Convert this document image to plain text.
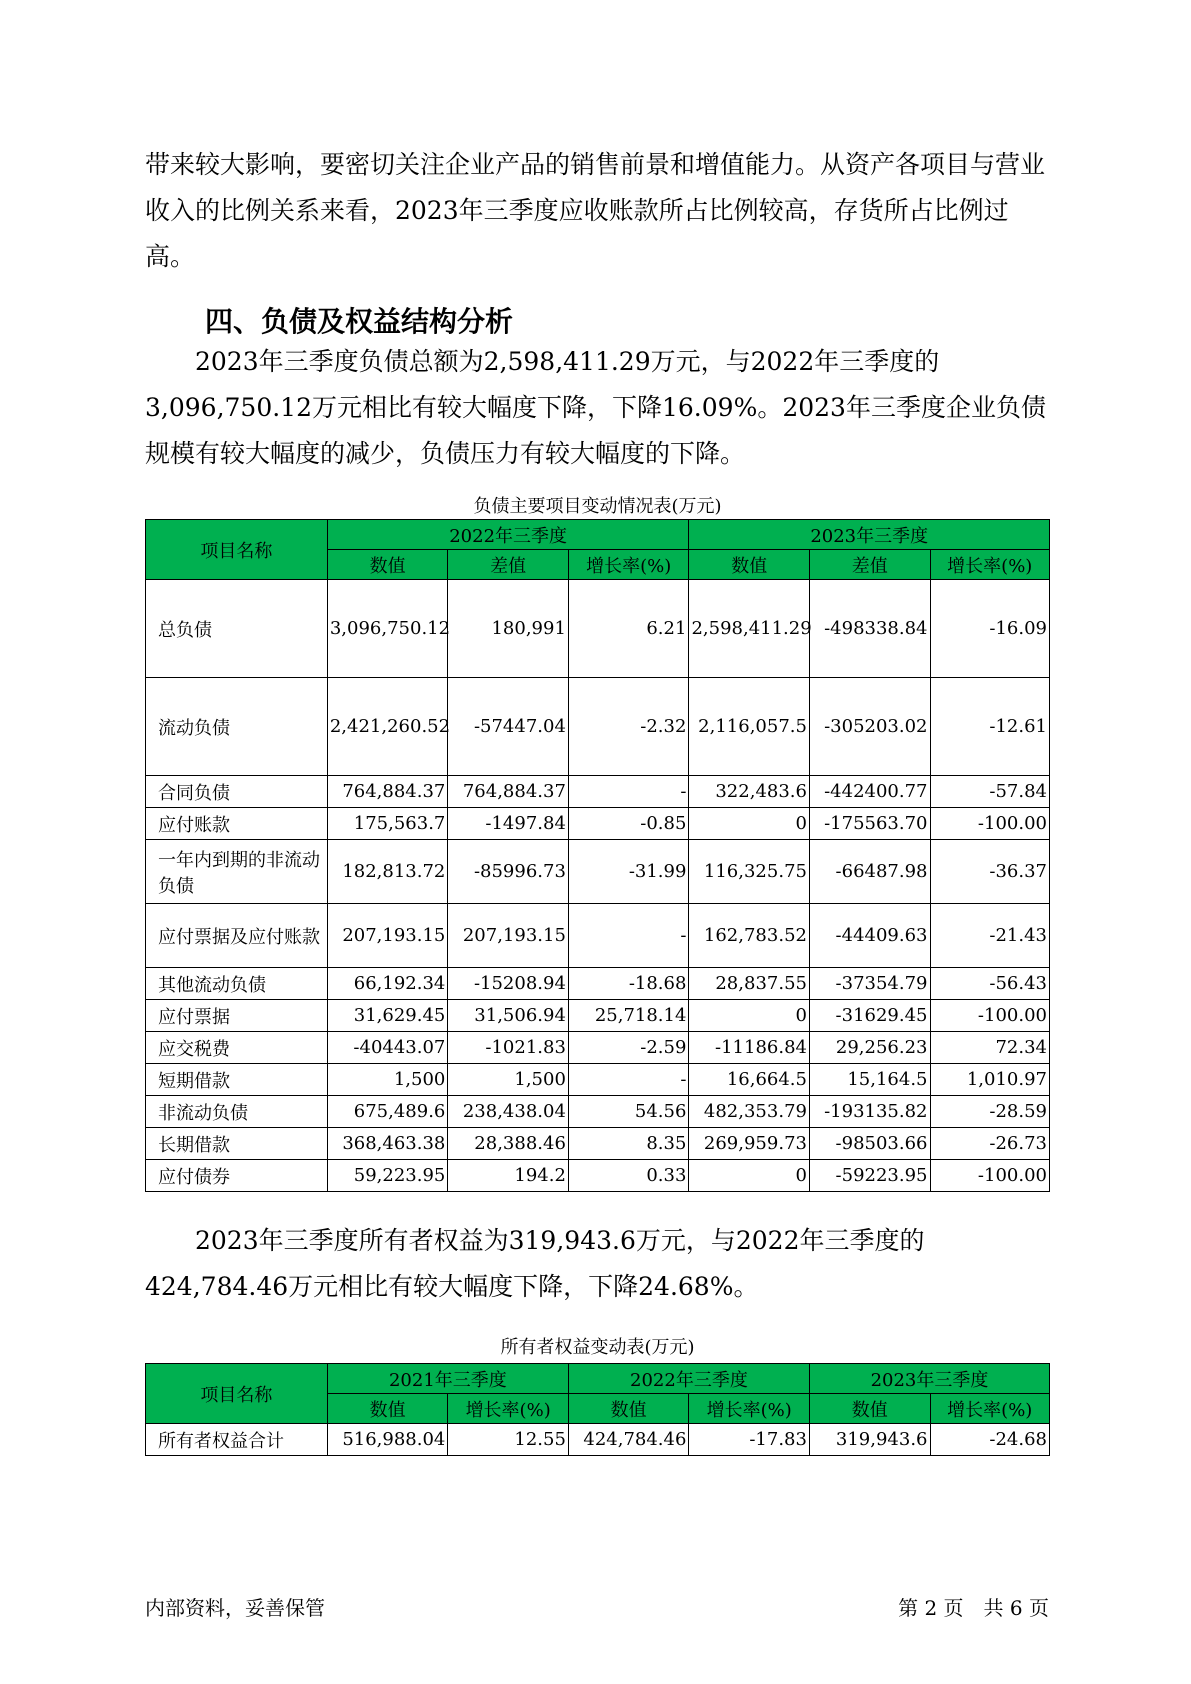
带来较大影响，要密切关注企业产品的销售前景和增值能力。从资产各项目与营业收入的比例关系来看，2023年三季度应收账款所占比例较高，存货所占比例过高。

四、负债及权益结构分析

　　2023年三季度负债总额为2,598,411.29万元，与2022年三季度的3,096,750.12万元相比有较大幅度下降，下降16.09%。2023年三季度企业负债规模有较大幅度的减少，负债压力有较大幅度的下降。

负债主要项目变动情况表(万元)

项目名称	2022年三季度			2023年三季度		
	数值	差值	增长率(%)	数值	差值	增长率(%)
总负债	3,096,750.12	180,991	6.21	2,598,411.29	-498338.84	-16.09
流动负债	2,421,260.52	-57447.04	-2.32	2,116,057.5	-305203.02	-12.61
合同负债	764,884.37	764,884.37	-	322,483.6	-442400.77	-57.84
应付账款	175,563.7	-1497.84	-0.85	0	-175563.70	-100.00
一年内到期的非流动负债	182,813.72	-85996.73	-31.99	116,325.75	-66487.98	-36.37
应付票据及应付账款	207,193.15	207,193.15	-	162,783.52	-44409.63	-21.43
其他流动负债	66,192.34	-15208.94	-18.68	28,837.55	-37354.79	-56.43
应付票据	31,629.45	31,506.94	25,718.14	0	-31629.45	-100.00
应交税费	-40443.07	-1021.83	-2.59	-11186.84	29,256.23	72.34
短期借款	1,500	1,500	-	16,664.5	15,164.5	1,010.97
非流动负债	675,489.6	238,438.04	54.56	482,353.79	-193135.82	-28.59
长期借款	368,463.38	28,388.46	8.35	269,959.73	-98503.66	-26.73
应付债券	59,223.95	194.2	0.33	0	-59223.95	-100.00

　　2023年三季度所有者权益为319,943.6万元，与2022年三季度的424,784.46万元相比有较大幅度下降，下降24.68%。

所有者权益变动表(万元)

项目名称	2021年三季度		2022年三季度		2023年三季度	
	数值	增长率(%)	数值	增长率(%)	数值	增长率(%)
所有者权益合计	516,988.04	12.55	424,784.46	-17.83	319,943.6	-24.68
内部资料，妥善保管	第 2 页　共 6 页
